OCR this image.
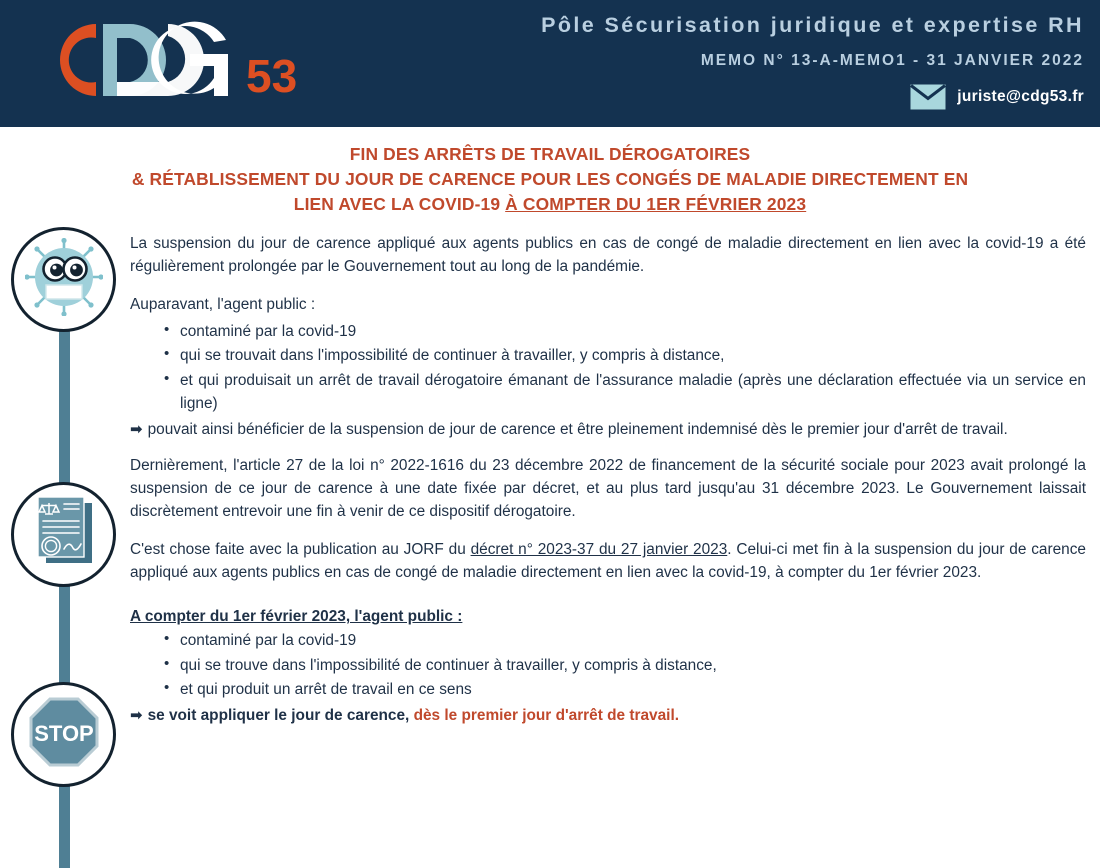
53
Pôle Sécurisation juridique et expertise RH
MEMO N° 13-A-MEMO1 - 31 JANVIER 2022
juriste@cdg53.fr
FIN DES ARRÊTS DE TRAVAIL DÉROGATOIRES
& RÉTABLISSEMENT DU JOUR DE CARENCE POUR LES CONGÉS DE MALADIE DIRECTEMENT EN
LIEN AVEC LA COVID-19 À COMPTER DU 1ER FÉVRIER 2023
STOP

La suspension du jour de carence appliqué aux agents publics en cas de congé de maladie directement en lien avec la covid-19 a été régulièrement prolongée par le Gouvernement tout au long de la pandémie.

Auparavant, l'agent public :

• contaminé par la covid-19
• qui se trouvait dans l'impossibilité de continuer à travailler, y compris à distance,
• et qui produisait un arrêt de travail dérogatoire émanant de l'assurance maladie (après une déclaration effectuée via un service en ligne)

➡ pouvait ainsi bénéficier de la suspension de jour de carence et être pleinement indemnisé dès le premier jour d'arrêt de travail.

Dernièrement, l'article 27 de la loi n° 2022-1616 du 23 décembre 2022 de financement de la sécurité sociale pour 2023 avait prolongé la suspension de ce jour de carence à une date fixée par décret, et au plus tard jusqu'au 31 décembre 2023. Le Gouvernement laissait discrètement entrevoir une fin à venir de ce dispositif dérogatoire.

C'est chose faite avec la publication au JORF du décret n° 2023-37 du 27 janvier 2023. Celui-ci met fin à la suspension du jour de carence appliqué aux agents publics en cas de congé de maladie directement en lien avec la covid-19, à compter du 1er février 2023.

A compter du 1er février 2023, l'agent public :

• contaminé par la covid-19
• qui se trouve dans l'impossibilité de continuer à travailler, y compris à distance,
• et qui produit un arrêt de travail en ce sens

➡ se voit appliquer le jour de carence, dès le premier jour d'arrêt de travail.
